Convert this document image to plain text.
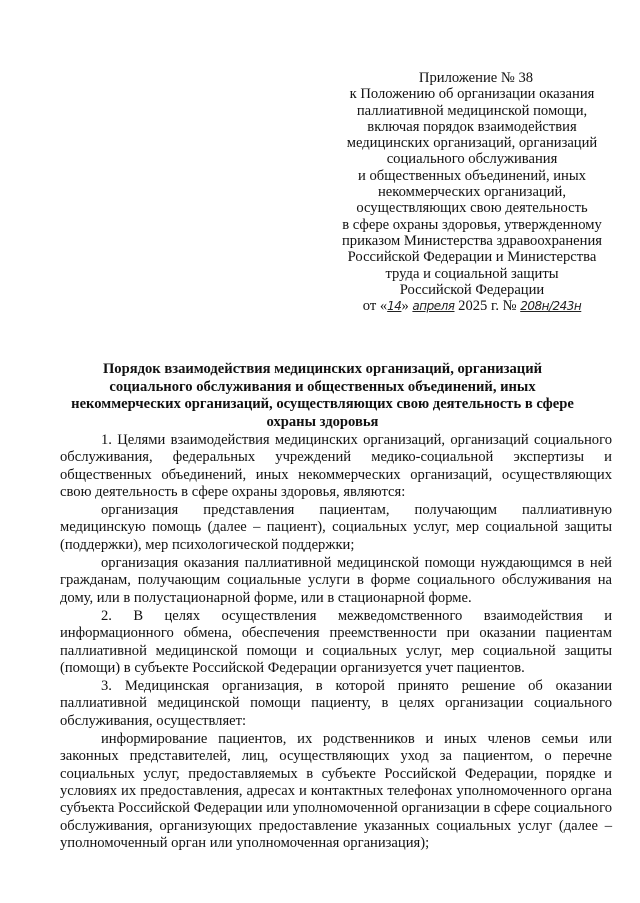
Приложение № 38
к Положению об организации оказания
паллиативной медицинской помощи,
включая порядок взаимодействия
медицинских организаций, организаций
социального обслуживания
и общественных объединений, иных
некоммерческих организаций,
осуществляющих свою деятельность
в сфере охраны здоровья, утвержденному
приказом Министерства здравоохранения
Российской Федерации и Министерства
труда и социальной защиты
Российской Федерации
от «14» апреля 2025 г. № 208н/243н
Порядок взаимодействия медицинских организаций, организаций социального обслуживания и общественных объединений, иных некоммерческих организаций, осуществляющих свою деятельность в сфере охраны здоровья

1. Целями взаимодействия медицинских организаций, организаций социального обслуживания, федеральных учреждений медико-социальной экспертизы и общественных объединений, иных некоммерческих организаций, осуществляющих свою деятельность в сфере охраны здоровья, являются:

организация представления пациентам, получающим паллиативную медицинскую помощь (далее – пациент), социальных услуг, мер социальной защиты (поддержки), мер психологической поддержки;

организация оказания паллиативной медицинской помощи нуждающимся в ней гражданам, получающим социальные услуги в форме социального обслуживания на дому, или в полустационарной форме, или в стационарной форме.

2. В целях осуществления межведомственного взаимодействия и информационного обмена, обеспечения преемственности при оказании пациентам паллиативной медицинской помощи и социальных услуг, мер социальной защиты (помощи) в субъекте Российской Федерации организуется учет пациентов.

3. Медицинская организация, в которой принято решение об оказании паллиативной медицинской помощи пациенту, в целях организации социального обслуживания, осуществляет:

информирование пациентов, их родственников и иных членов семьи или законных представителей, лиц, осуществляющих уход за пациентом, о перечне социальных услуг, предоставляемых в субъекте Российской Федерации, порядке и условиях их предоставления, адресах и контактных телефонах уполномоченного органа субъекта Российской Федерации или уполномоченной организации в сфере социального обслуживания, организующих предоставление указанных социальных услуг (далее – уполномоченный орган или уполномоченная организация);
